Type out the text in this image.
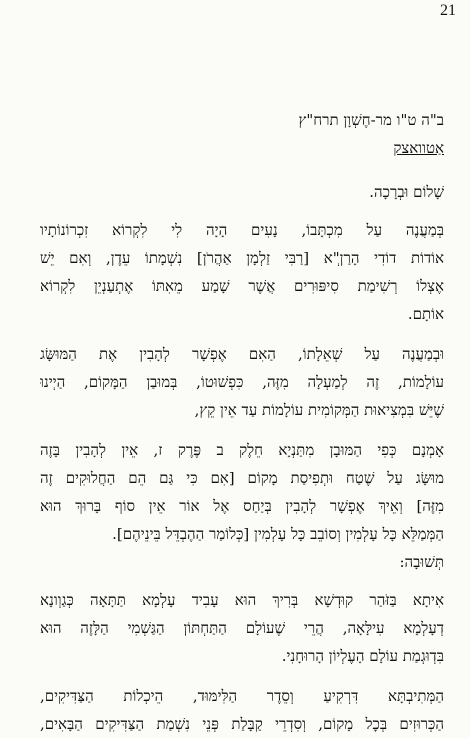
21
ב"ה ט"ו מר-חֶשְׁוָן תרח"ץ
אַטוואצק
שָׁלוֹם וּבְרָכָה.
בְּמַעֲנֶה עַל מִכְתָּבוֹ, נָעִים הָיָה לִי לִקְרוֹא זִכְרוֹנוֹתָיו
אוֹדוֹת דוֹדִי הָרַןְ"א [רַבִּי זַלְמָן אַהֲרֹן] נִשְׁמָתוֹ עֵדֶן, וְאִם יֵשׁ
אֶצְלוֹ רְשִׁימַת סִיפּוּרִים אֲשֶׁר שָׁמַע מֵאִתּוֹ אֶתְעַנְיֵן לִקְרוֹא
אוֹתָם.
וּבְמַעֲנֶה עַל שְׁאֵלָתוֹ, הַאִם אֶפְשָׁר לְהָבִין אֶת הַמּוּשָּׂג
עוֹלָמוֹת, זֶה לְמַעְלָה מִזֶּה, כִּפְשׁוּטוֹ, בְּמוּבַן הַמָּקוֹם, הַיְינוּ
שֶׁיֵּשׁ בִּמְצִיאוּת הַמְּקוֹמִית עוֹלָמוֹת עַד אֵין קֵץ,
אָמְנָם כְּפִי הַמּוּבָן מִתַּנְיָא חֵלֶק ב פֶּרֶק ז, אֵין לְהָבִין בָּזֶה
מוּשָּׂג עַל שֶׁטַח וּתְפִיסַת מָקוֹם [אִם כִּי גַּם הֵם הַחֲלוּקִים זֶה
מִזֶּה] וְאֵיךְ אֶפְשָׁר לְהָבִין בְּיַחַס אֶל אוֹר אֵין סוֹף בָּרוּךְ הוּא
הַמְּמַלֵּא כָּל עָלְמִין וְסוֹבֵב כָּל עָלְמִין [כְּלוֹמַר הַהֶבְדֵּל בֵּינֵיהֶם].
תְּשׁוּבָה:
אִיתָא בַּזֹּהַר קוּדְשָׁא בְּרִיךְ הוּא עָבִיד עָלְמָא תַּתָּאָה כְּגַוְונָא
דְעָלְמָא עִילָּאָה, הֲרֵי שֶׁעוֹלָם הַתַּחְתּוֹן הַגַּשְׁמִי הַלָּזֶה הוּא
בִּדְוּגְמַת עוֹלָם הָעֶלְיוֹן הָרוּחָנִי.
הַמְּתִיבְתָּא דִּרְקִיעַ וְסֵדֶר הַלִּימּוּד, הֵיכְלוֹת הַצַּדִּיקִים,
הַכְּרוּזִים בְּכׇל מָקוֹם, וְסִדְרֵי קַבָּלַת פְּנֵי נִשְׁמַת הַצַּדִּיקִים הַבָּאִים,
